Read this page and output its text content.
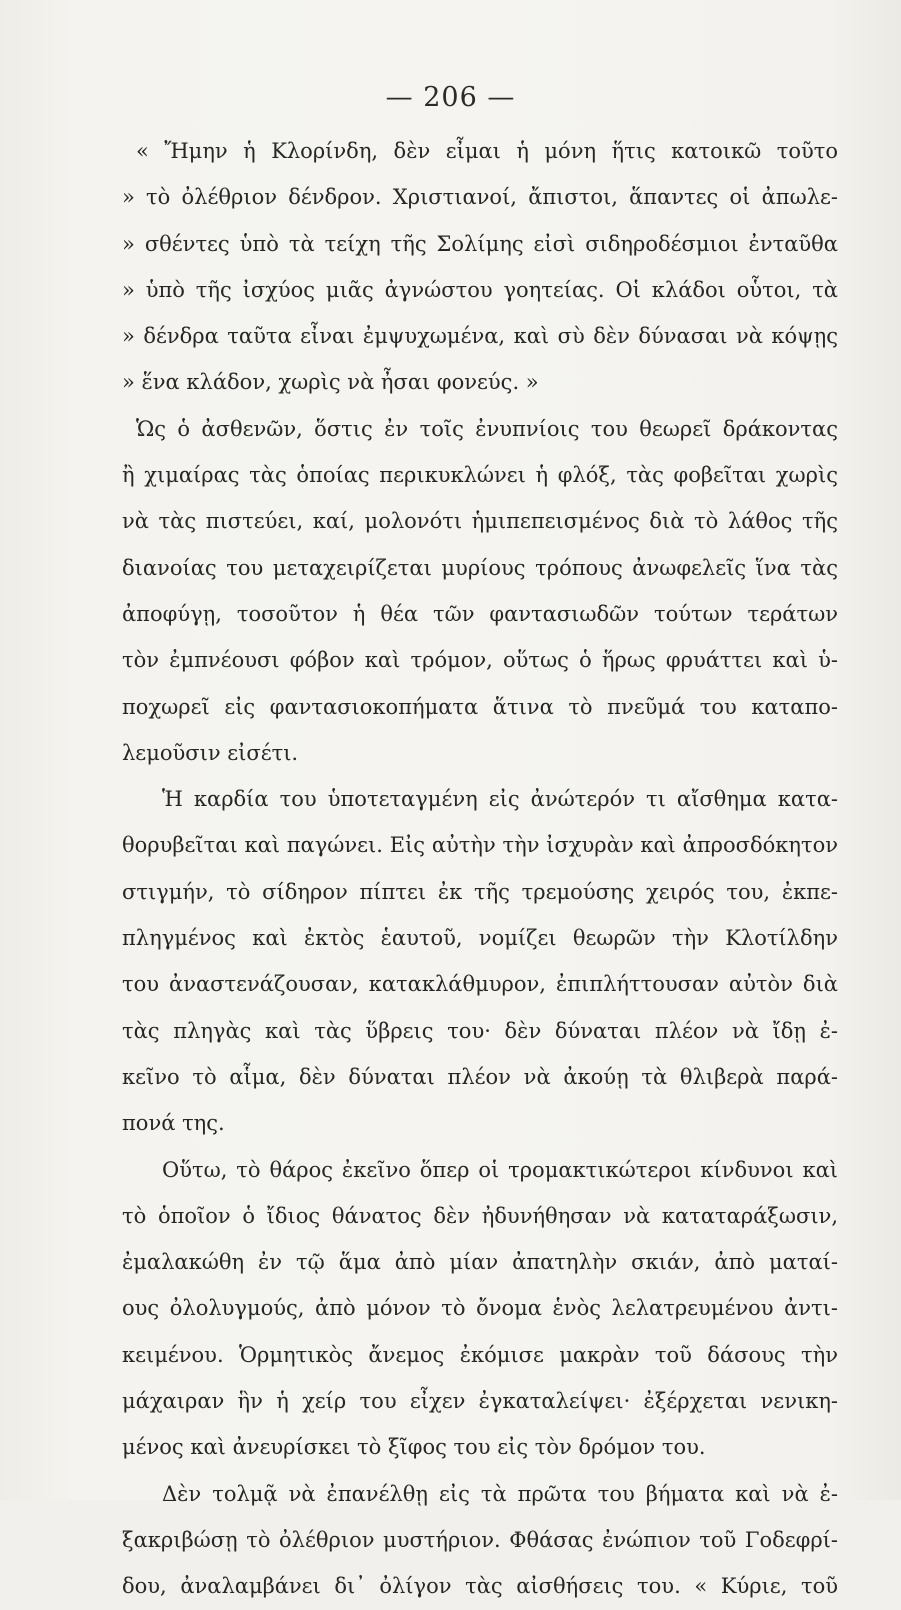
— 206 —
« Ἤμην ἡ Κλορίνδη, δὲν εἶμαι ἡ μόνη ἥτις κατοικῶ τοῦτο
» τὸ ὀλέθριον δένδρον. Χριστιανοί, ἄπιστοι, ἅπαντες οἱ ἀπωλε-
» σθέντες ὑπὸ τὰ τείχη τῆς Σολίμης εἰσὶ σιδηροδέσμιοι ἐνταῦθα
» ὑπὸ τῆς ἰσχύος μιᾶς ἀγνώστου γοητείας. Οἱ κλάδοι οὗτοι, τὰ
» δένδρα ταῦτα εἶναι ἐμψυχωμένα, καὶ σὺ δὲν δύνασαι νὰ κόψῃς
» ἕνα κλάδον, χωρὶς νὰ ἦσαι φονεύς. »
Ὡς ὁ ἀσθενῶν, ὅστις ἐν τοῖς ἐνυπνίοις του θεωρεῖ δράκοντας
ἢ χιμαίρας τὰς ὁποίας περικυκλώνει ἡ φλόξ, τὰς φοβεῖται χωρὶς
νὰ τὰς πιστεύει, καί, μολονότι ἡμιπεπεισμένος διὰ τὸ λάθος τῆς
διανοίας του μεταχειρίζεται μυρίους τρόπους ἀνωφελεῖς ἵνα τὰς
ἀποφύγῃ, τοσοῦτον ἡ θέα τῶν φαντασιωδῶν τούτων τεράτων
τὸν ἐμπνέουσι φόβον καὶ τρόμον, οὕτως ὁ ἥρως φρυάττει καὶ ὑ-
ποχωρεῖ εἰς φαντασιοκοπήματα ἅτινα τὸ πνεῦμά του καταπο-
λεμοῦσιν εἰσέτι.
Ἡ καρδία του ὑποτεταγμένη εἰς ἀνώτερόν τι αἴσθημα κατα-
θορυβεῖται καὶ παγώνει. Εἰς αὐτὴν τὴν ἰσχυρὰν καὶ ἀπροσδόκητον
στιγμήν, τὸ σίδηρον πίπτει ἐκ τῆς τρεμούσης χειρός του, ἐκπε-
πληγμένος καὶ ἐκτὸς ἑαυτοῦ, νομίζει θεωρῶν τὴν Κλοτίλδην
του ἀναστενάζουσαν, κατακλάθμυρον, ἐπιπλήττουσαν αὐτὸν διὰ
τὰς πληγὰς καὶ τὰς ὕβρεις του· δὲν δύναται πλέον νὰ ἴδῃ ἐ-
κεῖνο τὸ αἷμα, δὲν δύναται πλέον νὰ ἀκούῃ τὰ θλιβερὰ παρά-
πονά της.
Οὕτω, τὸ θάρος ἐκεῖνο ὅπερ οἱ τρομακτικώτεροι κίνδυνοι καὶ
τὸ ὁποῖον ὁ ἴδιος θάνατος δὲν ἠδυνήθησαν νὰ καταταράξωσιν,
ἐμαλακώθη ἐν τῷ ἅμα ἀπὸ μίαν ἀπατηλὴν σκιάν, ἀπὸ ματαί-
ους ὀλολυγμούς, ἀπὸ μόνον τὸ ὄνομα ἑνὸς λελατρευμένου ἀντι-
κειμένου. Ὁρμητικὸς ἄνεμος ἐκόμισε μακρὰν τοῦ δάσους τὴν
μάχαιραν ἣν ἡ χείρ του εἶχεν ἐγκαταλείψει· ἐξέρχεται νενικη-
μένος καὶ ἀνευρίσκει τὸ ξῖφος του εἰς τὸν δρόμον του.
Δὲν τολμᾷ νὰ ἐπανέλθῃ εἰς τὰ πρῶτα του βήματα καὶ νὰ ἐ-
ξακριβώσῃ τὸ ὀλέθριον μυστήριον. Φθάσας ἐνώπιον τοῦ Γοδεφρί-
δου, ἀναλαμβάνει δι᾽ ὀλίγον τὰς αἰσθήσεις του. « Κύριε, τοῦ
